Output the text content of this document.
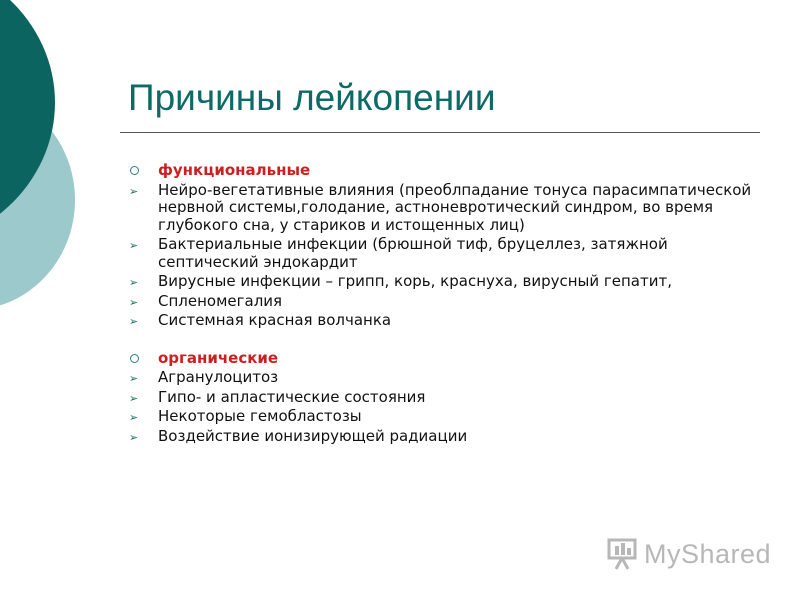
Причины лейкопении
функциональные
➢ Нейро-вегетативные влияния (преоблпадание тонуса парасимпатической нервной системы,голодание, астноневротический синдром, во время глубокого сна, у стариков и истощенных лиц)
➢ Бактериальные инфекции (брюшной тиф, бруцеллез, затяжной септический эндокардит
➢ Вирусные инфекции – грипп, корь, краснуха, вирусный гепатит,
➢ Спленомегалия
➢ Системная красная волчанка
органические
➢ Агранулоцитоз
➢ Гипо- и апластические состояния
➢ Некоторые гемобластозы
➢ Воздействие ионизирующей радиации
MyShared
